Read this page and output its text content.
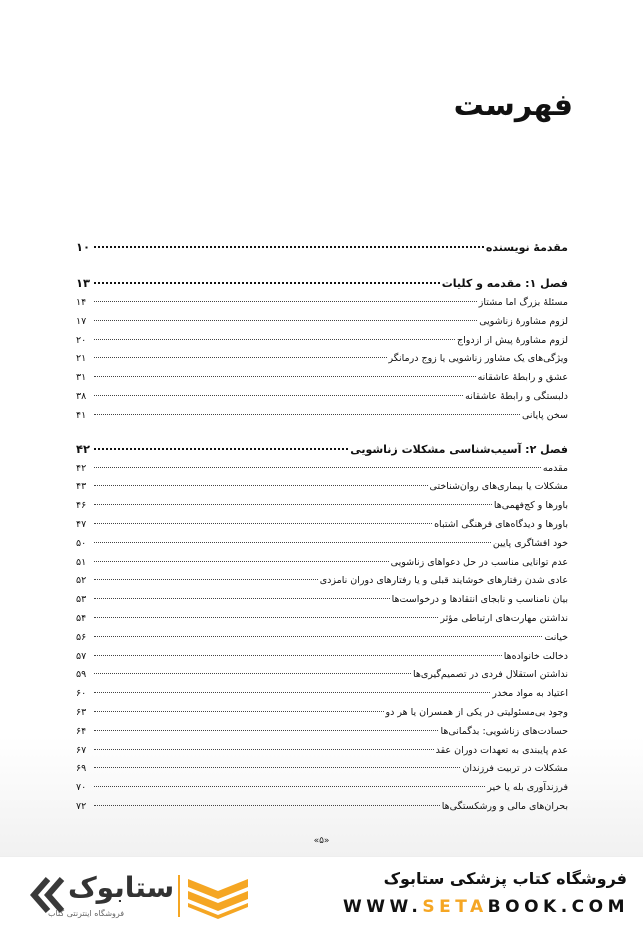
فهرست
مقدمهٔ نویسنده
۱۰
فصل ۱: مقدمه و کلیات
۱۳
مسئلهٔ بزرگ اما مشتاز
۱۴
لزوم مشاورهٔ زناشویی
۱۷
لزوم مشاورهٔ پیش از ازدواج
۲۰
ویژگی‌های یک مشاور زناشویی یا زوج درمانگر
۲۱
عشق و رابطهٔ عاشقانه
۳۱
دلبستگی و رابطهٔ عاشقانه
۳۸
سخن پایانی
۴۱
فصل ۲: آسیب‌شناسی مشکلات زناشویی
۴۲
مقدمه
۴۲
مشکلات یا بیماری‌های روان‌شناختی
۴۳
باورها و کج‌فهمی‌ها
۴۶
باورها و دیدگاه‌های فرهنگی اشتباه
۴۷
خود افشاگری پایین
۵۰
عدم توانایی مناسب در حل دعواهای زناشویی
۵۱
عادی شدن رفتارهای خوشایند قبلی و یا رفتارهای دوران نامزدی
۵۲
بیان نامناسب و نابجای انتقادها و درخواست‌ها
۵۳
نداشتن مهارت‌های ارتباطی مؤثر
۵۴
خیانت
۵۶
دخالت خانواده‌ها
۵۷
نداشتن استقلال فردی در تصمیم‌گیری‌ها
۵۹
اعتیاد به مواد مخدر
۶۰
وجود بی‌مسئولیتی در یکی از همسران یا هر دو
۶۳
حسادت‌های زناشویی: بدگمانی‌ها
۶۴
عدم پایبندی به تعهدات دوران عقد
۶۷
مشکلات در تربیت فرزندان
۶۹
فرزندآوری بله یا خیر
۷۰
بحران‌های مالی و ورشکستگی‌ها
۷۲
«۵»
ستابوک
فروشگاه اینترنتی کتاب
فروشگاه کتاب پزشکی ستابوک
WWW.SETABOOK.COM
